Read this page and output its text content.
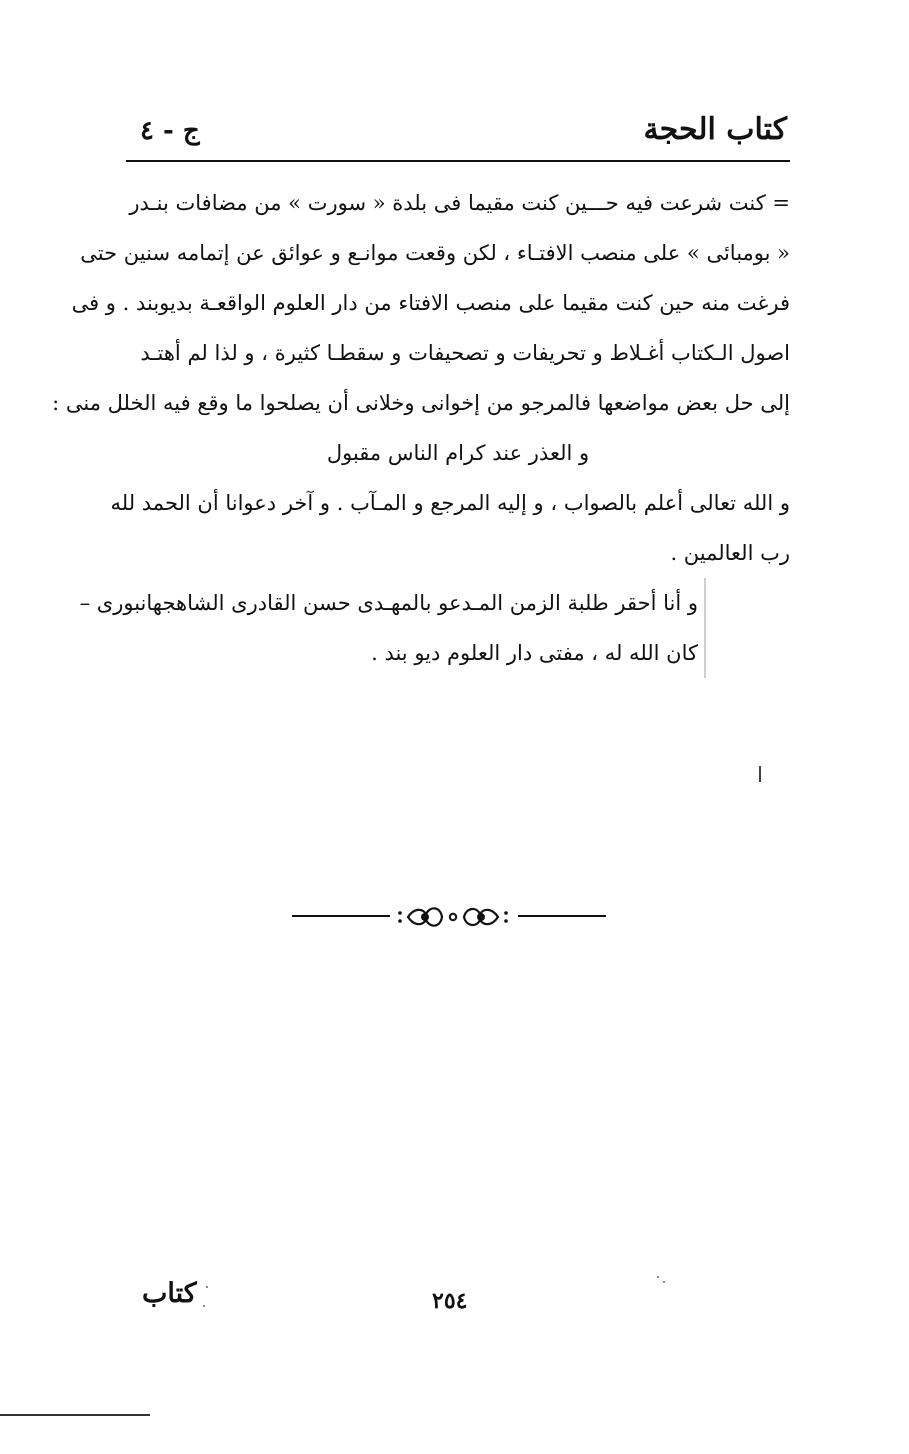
كتاب الحجة
ج - ٤
= كنت شرعت فيه حـــين كنت مقيما فى بلدة « سورت » من مضافات بنـدر
« بومبائى » على منصب الافتـاء ، لكن وقعت موانـع و عوائق عن إتمامه سنين حتى
فرغت منه حين كنت مقيما على منصب الافتاء من دار العلوم الواقعـة بديوبند . و فى
اصول الـكتاب أغـلاط و تحريفات و تصحيفات و سقطـا كثيرة ، و لذا لم أهتـد
إلى حل بعض مواضعها فالمرجو من إخوانى وخلانى أن يصلحوا ما وقع فيه الخلل منى :
و العذر عند كرام الناس مقبول
و الله تعالى أعلم بالصواب ، و إليه المرجع و المـآب . و آخر دعوانا أن الحمد لله
رب العالمين .
و أنا أحقر طلبة الزمن المـدعو بالمهـدى حسن القادرى الشاهجهانبورى –
كان الله له ، مفتى دار العلوم ديو بند .
كتاب	٢٥٤
